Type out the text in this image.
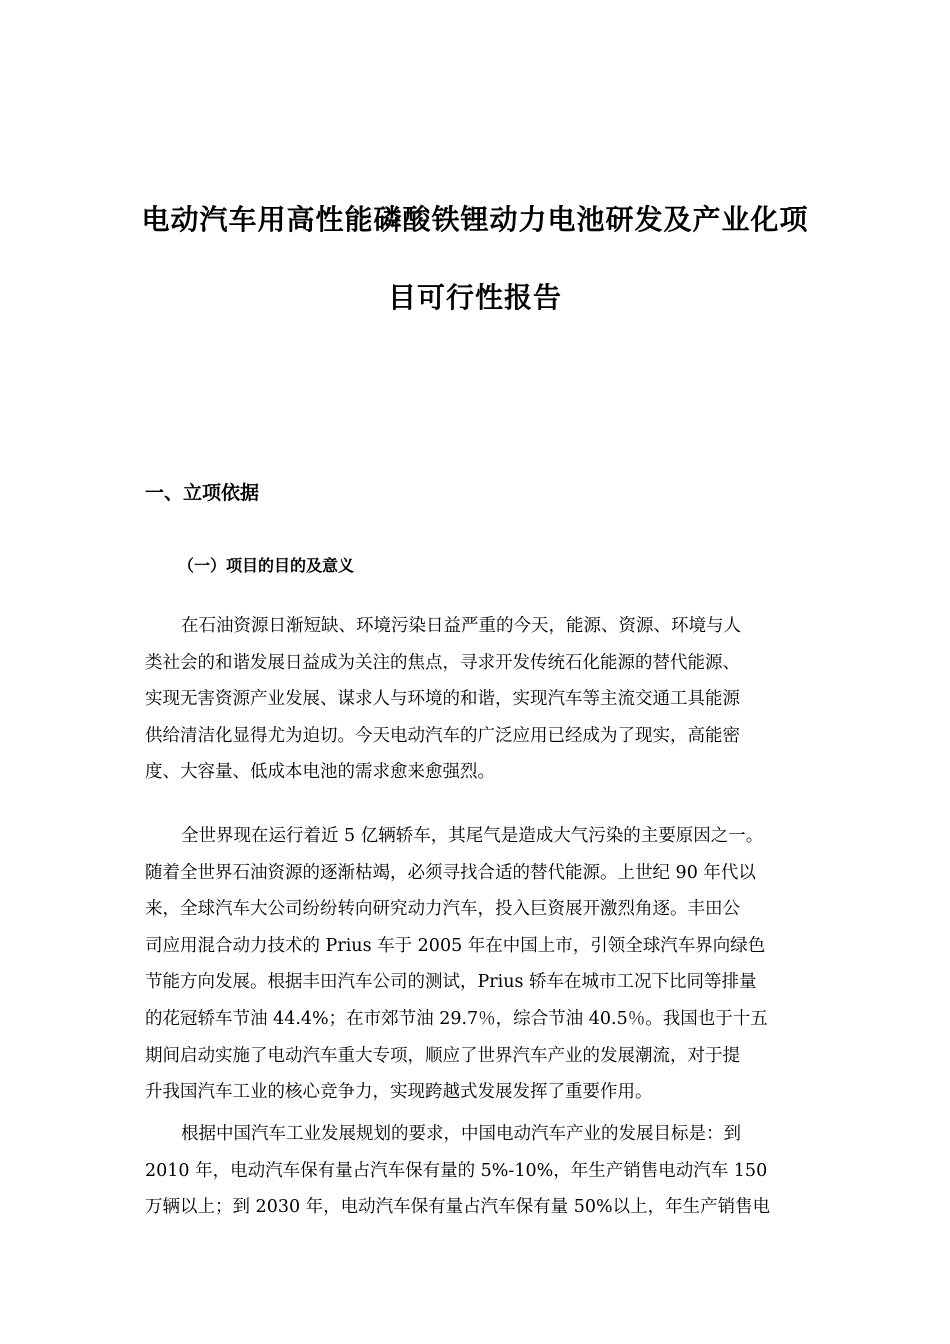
电动汽车用高性能磷酸铁锂动力电池研发及产业化项
目可行性报告
一、立项依据
（一）项目的目的及意义

在石油资源日渐短缺、环境污染日益严重的今天，能源、资源、环境与人
类社会的和谐发展日益成为关注的焦点，寻求开发传统石化能源的替代能源、
实现无害资源产业发展、谋求人与环境的和谐，实现汽车等主流交通工具能源
供给清洁化显得尤为迫切。今天电动汽车的广泛应用已经成为了现实，高能密
度、大容量、低成本电池的需求愈来愈强烈。

全世界现在运行着近 5 亿辆轿车，其尾气是造成大气污染的主要原因之一。
随着全世界石油资源的逐渐枯竭，必须寻找合适的替代能源。上世纪 90 年代以
来，全球汽车大公司纷纷转向研究动力汽车，投入巨资展开激烈角逐。丰田公
司应用混合动力技术的 Prius 车于 2005 年在中国上市，引领全球汽车界向绿色
节能方向发展。根据丰田汽车公司的测试，Prius 轿车在城市工况下比同等排量
的花冠轿车节油 44.4%；在市郊节油 29.7％，综合节油 40.5％。我国也于十五
期间启动实施了电动汽车重大专项，顺应了世界汽车产业的发展潮流，对于提
升我国汽车工业的核心竞争力，实现跨越式发展发挥了重要作用。

根据中国汽车工业发展规划的要求，中国电动汽车产业的发展目标是：到
2010 年，电动汽车保有量占汽车保有量的 5%-10%，年生产销售电动汽车 150
万辆以上；到 2030 年，电动汽车保有量占汽车保有量 50%以上，年生产销售电
